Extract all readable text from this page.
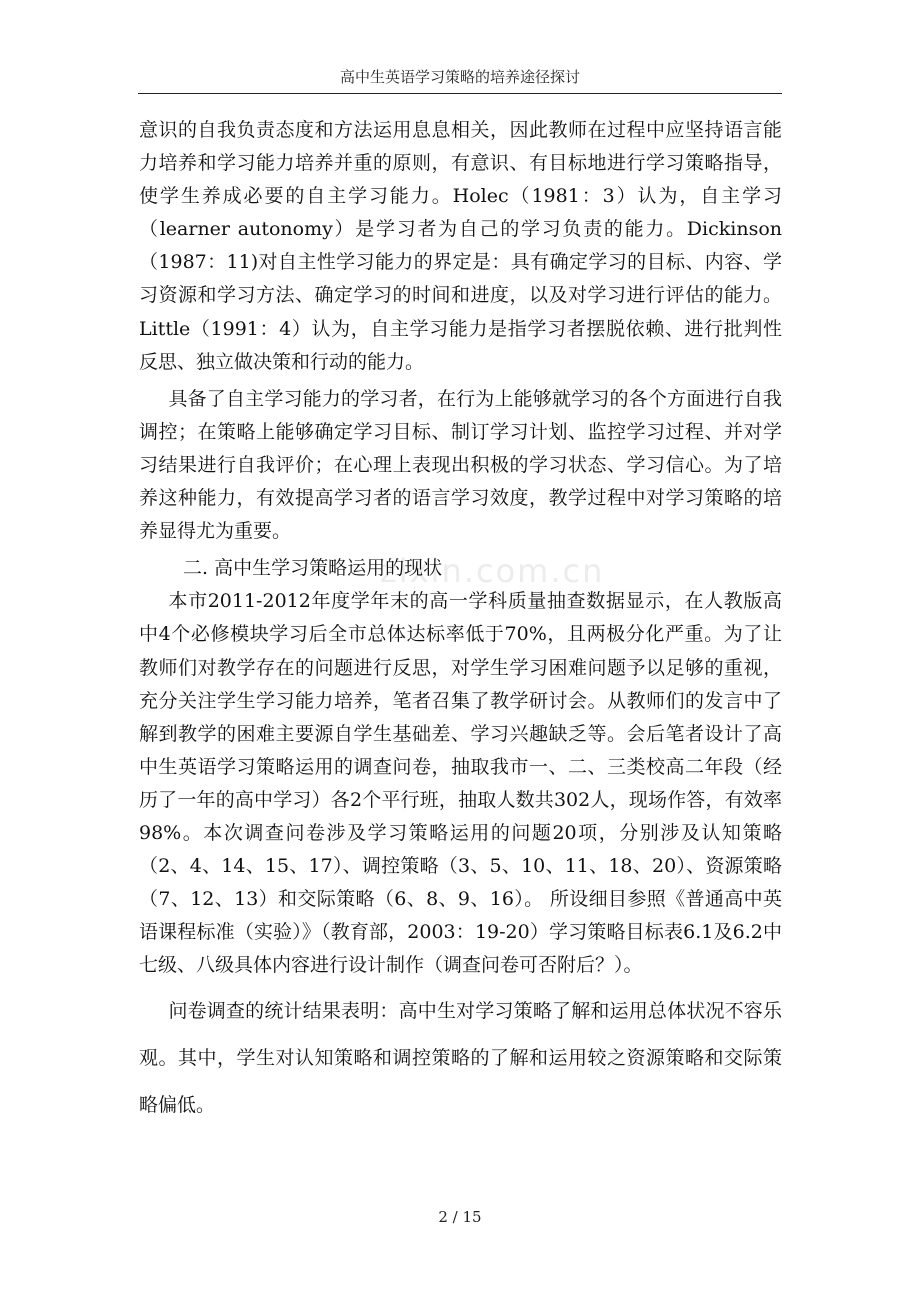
高中生英语学习策略的培养途径探讨
zixin.com.cn

意识的自我负责态度和方法运用息息相关，因此教师在过程中应坚持语言能力培养和学习能力培养并重的原则，有意识、有目标地进行学习策略指导，使学生养成必要的自主学习能力。Holec（1981：3）认为，自主学习（learner autonomy）是学习者为自己的学习负责的能力。Dickinson（1987：11)对自主性学习能力的界定是：具有确定学习的目标、内容、学习资源和学习方法、确定学习的时间和进度，以及对学习进行评估的能力。Little（1991：4）认为，自主学习能力是指学习者摆脱依赖、进行批判性反思、独立做决策和行动的能力。

具备了自主学习能力的学习者，在行为上能够就学习的各个方面进行自我调控；在策略上能够确定学习目标、制订学习计划、监控学习过程、并对学习结果进行自我评价；在心理上表现出积极的学习状态、学习信心。为了培养这种能力，有效提高学习者的语言学习效度，教学过程中对学习策略的培养显得尤为重要。

二. 高中生学习策略运用的现状

本市2011-2012年度学年末的高一学科质量抽查数据显示，在人教版高中4个必修模块学习后全市总体达标率低于70%，且两极分化严重。为了让教师们对教学存在的问题进行反思，对学生学习困难问题予以足够的重视，充分关注学生学习能力培养，笔者召集了教学研讨会。从教师们的发言中了解到教学的困难主要源自学生基础差、学习兴趣缺乏等。会后笔者设计了高中生英语学习策略运用的调查问卷，抽取我市一、二、三类校高二年段（经历了一年的高中学习）各2个平行班，抽取人数共302人，现场作答，有效率98%。本次调查问卷涉及学习策略运用的问题20项，分别涉及认知策略（2、4、14、15、17）、调控策略（3、5、10、11、18、20）、资源策略（7、12、13）和交际策略（6、8、9、16）。 所设细目参照《普通高中英语课程标准（实验）》（教育部，2003：19-20）学习策略目标表6.1及6.2中七级、八级具体内容进行设计制作（调查问卷可否附后？）。

问卷调查的统计结果表明：高中生对学习策略了解和运用总体状况不容乐观。其中，学生对认知策略和调控策略的了解和运用较之资源策略和交际策略偏低。

2 / 15
